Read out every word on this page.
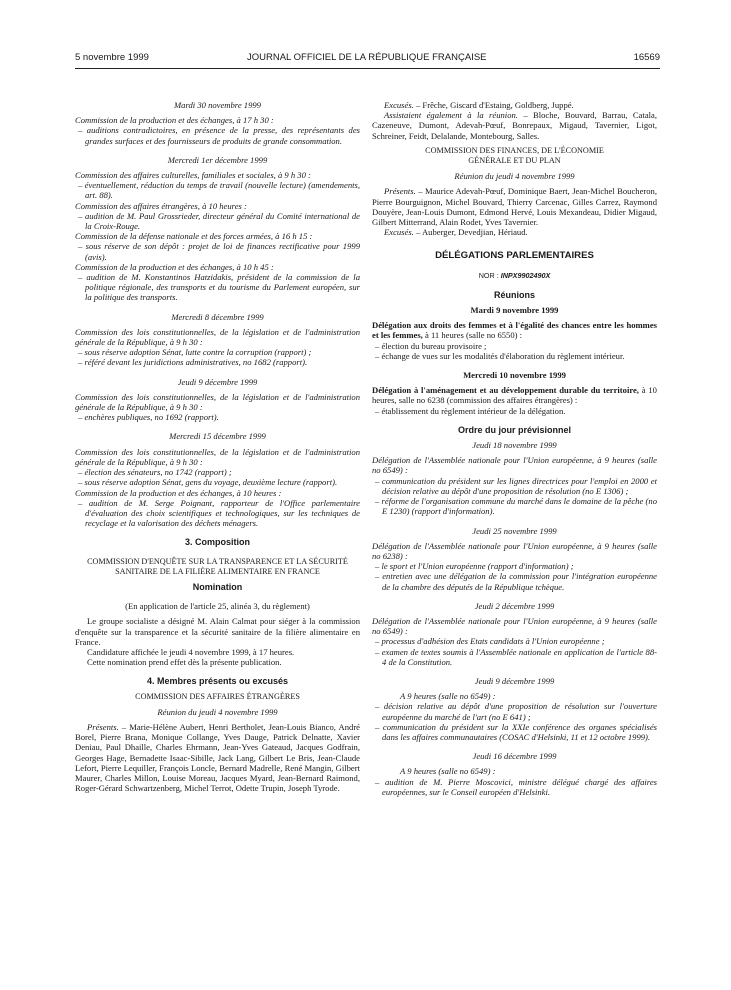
5 novembre 1999	JOURNAL OFFICIEL DE LA RÉPUBLIQUE FRANÇAISE	16569

Mardi 30 novembre 1999

Commission de la production et des échanges, à 17 h 30 :

– auditions contradictoires, en présence de la presse, des représentants des grandes surfaces et des fournisseurs de produits de grande consommation.

Mercredi 1er décembre 1999

Commission des affaires culturelles, familiales et sociales, à 9 h 30 :

– éventuellement, réduction du temps de travail (nouvelle lecture) (amendements, art. 88).

Commission des affaires étrangères, à 10 heures :

– audition de M. Paul Grossrieder, directeur général du Comité international de la Croix-Rouge.

Commission de la défense nationale et des forces armées, à 16 h 15 :

– sous réserve de son dépôt : projet de loi de finances rectificative pour 1999 (avis).

Commission de la production et des échanges, à 10 h 45 :

– audition de M. Konstantinos Hatzidakis, président de la commission de la politique régionale, des transports et du tourisme du Parlement européen, sur la politique des transports.

Mercredi 8 décembre 1999

Commission des lois constitutionnelles, de la législation et de l'administration générale de la République, à 9 h 30 :

– sous réserve adoption Sénat, lutte contre la corruption (rapport) ;

– référé devant les juridictions administratives, no 1682 (rapport).

Jeudi 9 décembre 1999

Commission des lois constitutionnelles, de la législation et de l'administration générale de la République, à 9 h 30 :

– enchères publiques, no 1692 (rapport).

Mercredi 15 décembre 1999

Commission des lois constitutionnelles, de la législation et de l'administration générale de la République, à 9 h 30 :

– élection des sénateurs, no 1742 (rapport) ;

– sous réserve adoption Sénat, gens du voyage, deuxième lecture (rapport).

Commission de la production et des échanges, à 10 heures :

– audition de M. Serge Poignant, rapporteur de l'Office parlementaire d'évaluation des choix scientifiques et technologiques, sur les techniques de recyclage et la valorisation des déchets ménagers.

3. Composition

COMMISSION D'ENQUÊTE SUR LA TRANSPARENCE ET LA SÉCURITÉ SANITAIRE DE LA FILIÈRE ALIMENTAIRE EN FRANCE

Nomination

(En application de l'article 25, alinéa 3, du règlement)

Le groupe socialiste a désigné M. Alain Calmat pour siéger à la commission d'enquête sur la transparence et la sécurité sanitaire de la filière alimentaire en France.

Candidature affichée le jeudi 4 novembre 1999, à 17 heures.

Cette nomination prend effet dès la présente publication.

4. Membres présents ou excusés

COMMISSION DES AFFAIRES ÉTRANGÈRES

Réunion du jeudi 4 novembre 1999

Présents. – Marie-Hélène Aubert, Henri Bertholet, Jean-Louis Bianco, André Borel, Pierre Brana, Monique Collange, Yves Dauge, Patrick Delnatte, Xavier Deniau, Paul Dhaille, Charles Ehrmann, Jean-Yves Gateaud, Jacques Godfrain, Georges Hage, Bernadette Isaac-Sibille, Jack Lang, Gilbert Le Bris, Jean-Claude Lefort, Pierre Lequiller, François Loncle, Bernard Madrelle, René Mangin, Gilbert Maurer, Charles Millon, Louise Moreau, Jacques Myard, Jean-Bernard Raimond, Roger-Gérard Schwartzenberg, Michel Terrot, Odette Trupin, Joseph Tyrode.

Excusés. – Frêche, Giscard d'Estaing, Goldberg, Juppé.

Assistaient également à la réunion. – Bloche, Bouvard, Barrau, Catala, Cazeneuve, Dumont, Adevah-Pœuf, Bonrepaux, Migaud, Tavernier, Ligot, Schreiner, Feidt, Delalande, Montebourg, Salles.

COMMISSION DES FINANCES, DE L'ÉCONOMIE GÉNÉRALE ET DU PLAN

Réunion du jeudi 4 novembre 1999

Présents. – Maurice Adevah-Pœuf, Dominique Baert, Jean-Michel Boucheron, Pierre Bourguignon, Michel Bouvard, Thierry Carcenac, Gilles Carrez, Raymond Douyère, Jean-Louis Dumont, Edmond Hervé, Louis Mexandeau, Didier Migaud, Gilbert Mitterrand, Alain Rodet, Yves Tavernier.

Excusés. – Auberger, Devedjian, Hériaud.

DÉLÉGATIONS PARLEMENTAIRES

NOR : INPX9902490X

Réunions

Mardi 9 novembre 1999

Délégation aux droits des femmes et à l'égalité des chances entre les hommes et les femmes, à 11 heures (salle no 6550) :

– élection du bureau provisoire ;

– échange de vues sur les modalités d'élaboration du règlement intérieur.

Mercredi 10 novembre 1999

Délégation à l'aménagement et au développement durable du territoire, à 10 heures, salle no 6238 (commission des affaires étrangères) :

– établissement du règlement intérieur de la délégation.

Ordre du jour prévisionnel

Jeudi 18 novembre 1999

Délégation de l'Assemblée nationale pour l'Union européenne, à 9 heures (salle no 6549) :

– communication du président sur les lignes directrices pour l'emploi en 2000 et décision relative au dépôt d'une proposition de résolution (no E 1306) ;

– réforme de l'organisation commune du marché dans le domaine de la pêche (no E 1230) (rapport d'information).

Jeudi 25 novembre 1999

Délégation de l'Assemblée nationale pour l'Union européenne, à 9 heures (salle no 6238) :

– le sport et l'Union européenne (rapport d'information) ;

– entretien avec une délégation de la commission pour l'intégration européenne de la chambre des députés de la République tchèque.

Jeudi 2 décembre 1999

Délégation de l'Assemblée nationale pour l'Union européenne, à 9 heures (salle no 6549) :

– processus d'adhésion des Etats candidats à l'Union européenne ;

– examen de textes soumis à l'Assemblée nationale en application de l'article 88-4 de la Constitution.

Jeudi 9 décembre 1999

A 9 heures (salle no 6549) :

– décision relative au dépôt d'une proposition de résolution sur l'ouverture européenne du marché de l'art (no E 641) ;

– communication du président sur la XXIe conférence des organes spécialisés dans les affaires communautaires (COSAC d'Helsinki, 11 et 12 octobre 1999).

Jeudi 16 décembre 1999

A 9 heures (salle no 6549) :

– audition de M. Pierre Moscovici, ministre délégué chargé des affaires européennes, sur le Conseil européen d'Helsinki.
